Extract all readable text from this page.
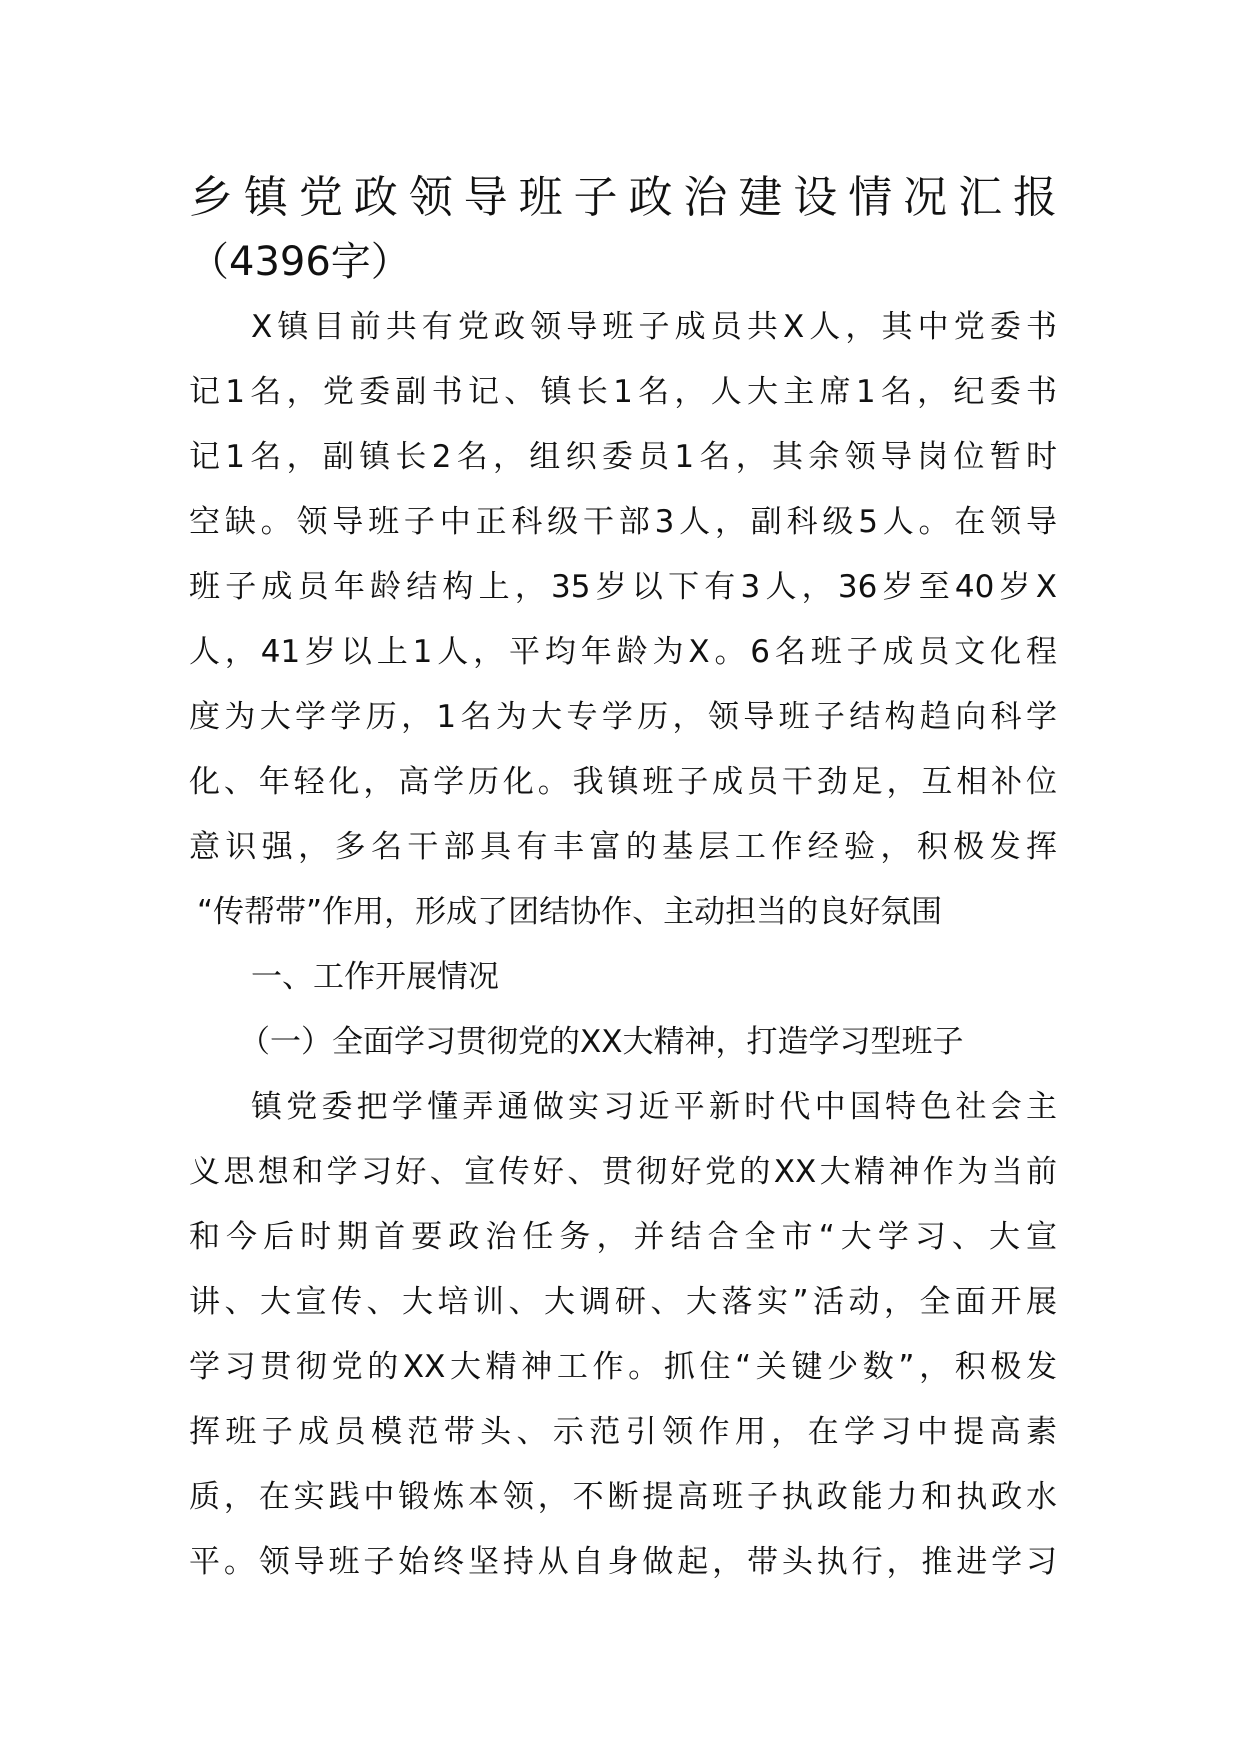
乡镇党政领导班子政治建设情况汇报
（4396字）
X镇目前共有党政领导班子成员共X人，其中党委书
记1名，党委副书记、镇长1名，人大主席1名，纪委书
记1名，副镇长2名，组织委员1名，其余领导岗位暂时
空缺。领导班子中正科级干部3人，副科级5人。在领导
班子成员年龄结构上，35岁以下有3人，36岁至40岁X
人，41岁以上1人，平均年龄为X。6名班子成员文化程
度为大学学历，1名为大专学历，领导班子结构趋向科学
化、年轻化，高学历化。我镇班子成员干劲足，互相补位
意识强，多名干部具有丰富的基层工作经验，积极发挥
“传帮带”作用，形成了团结协作、主动担当的良好氛围
一、工作开展情况
（一）全面学习贯彻党的XX大精神，打造学习型班子
镇党委把学懂弄通做实习近平新时代中国特色社会主
义思想和学习好、宣传好、贯彻好党的XX大精神作为当前
和今后时期首要政治任务，并结合全市“大学习、大宣
讲、大宣传、大培训、大调研、大落实”活动，全面开展
学习贯彻党的XX大精神工作。抓住“关键少数”，积极发
挥班子成员模范带头、示范引领作用，在学习中提高素
质，在实践中锻炼本领，不断提高班子执政能力和执政水
平。领导班子始终坚持从自身做起，带头执行，推进学习
